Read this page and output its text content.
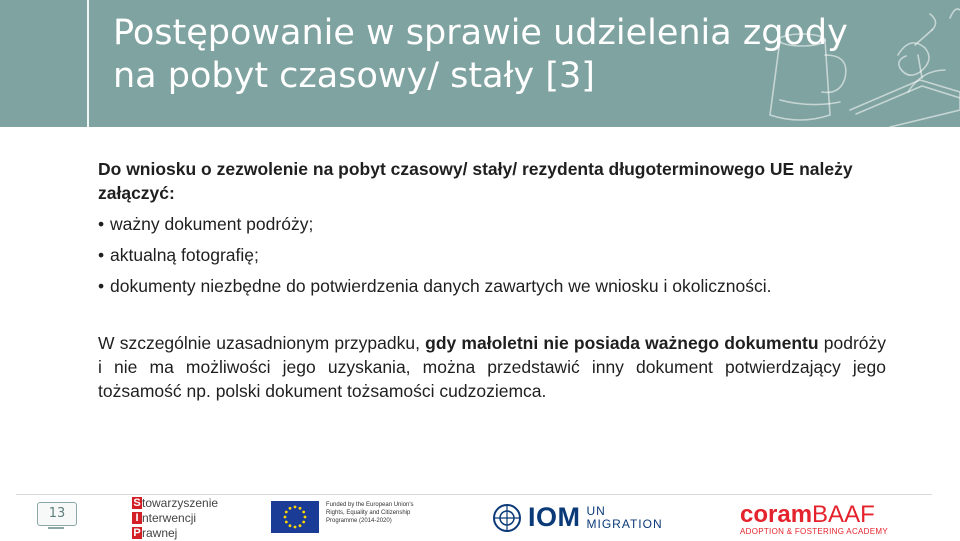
Postępowanie w sprawie udzielenia zgody
na pobyt czasowy/ stały [3]
Do wniosku o zezwolenie na pobyt czasowy/ stały/ rezydenta długoterminowego UE należy załączyć:
• ważny dokument podróży;
• aktualną fotografię;
• dokumenty niezbędne do potwierdzenia danych zawartych we wniosku i okoliczności.
W szczególnie uzasadnionym przypadku, gdy małoletni nie posiada ważnego dokumentu podróży i nie ma możliwości jego uzyskania, można przedstawić inny dokument potwierdzający jego tożsamość np. polski dokument tożsamości cudzoziemca.
13
S towarzyszenie
I nterwencji
P rawnej
Funded by the European Union's Rights, Equality and Citizenship Programme (2014-2020)	IOM UN
MIGRATION	coramBAAF
ADOPTION & FOSTERING ACADEMY
